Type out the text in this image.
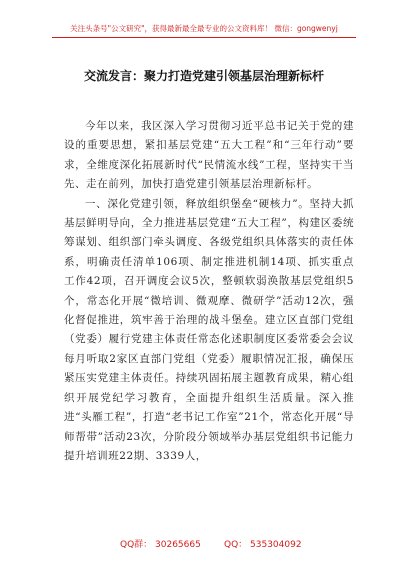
关注头条号"公文研究"，获得最新最全最专业的公文资料库！ 微信：gongwenyj
交流发言：聚力打造党建引领基层治理新标杆

今年以来，我区深入学习贯彻习近平总书记关于党的建设的重要思想，紧扣基层党建“五大工程”和“三年行动”要求，全维度深化拓展新时代“民情流水线”工程，坚持实干当先、走在前列，加快打造党建引领基层治理新标杆。

一、深化党建引领，释放组织堡垒“硬核力”。坚持大抓基层鲜明导向，全力推进基层党建“五大工程”，构建区委统筹谋划、组织部门牵头调度、各级党组织具体落实的责任体系，明确责任清单106项、制定推进机制14项、抓实重点工作42项，召开调度会议5次，整顿软弱涣散基层党组织5个，常态化开展“微培训、微观摩、微研学”活动12次，强化督促推进，筑牢善于治理的战斗堡垒。建立区直部门党组（党委）履行党建主体责任常态化述职制度区委常委会会议每月听取2家区直部门党组（党委）履职情况汇报，确保压紧压实党建主体责任。持续巩固拓展主题教育成果，精心组织开展党纪学习教育，全面提升组织生活质量。深入推进“头雁工程”，打造“老书记工作室”21个，常态化开展“导师帮带”活动23次，分阶段分领域举办基层党组织书记能力提升培训班22期、3339人，

QQ群： 30265665	QQ： 535304092
